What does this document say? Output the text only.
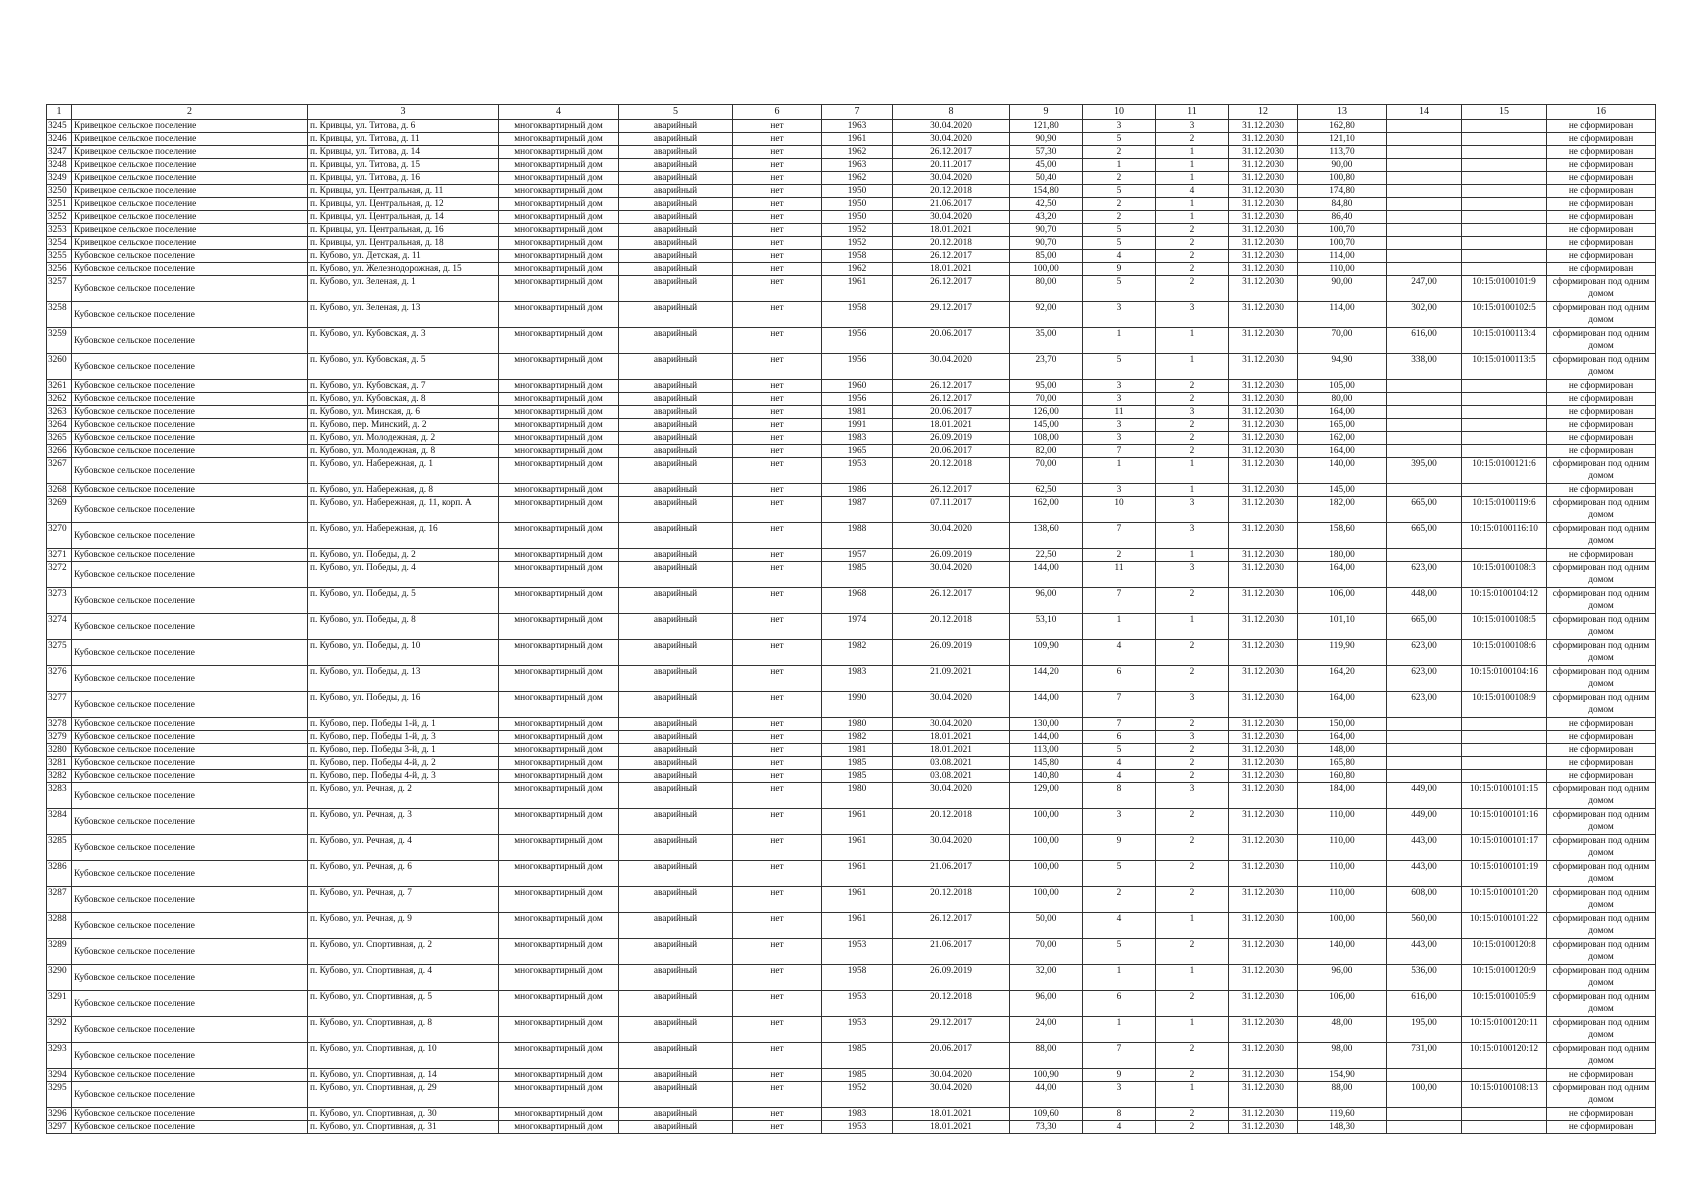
1	2	3	4	5	6	7	8	9	10	11	12	13	14	15	16
3245	Кривецкое сельское поселение	п. Кривцы, ул. Титова, д. 6	многоквартирный дом	аварийный	нет	1963	30.04.2020	121,80	3	3	31.12.2030	162,80			не сформирован
3246	Кривецкое сельское поселение	п. Кривцы, ул. Титова, д. 11	многоквартирный дом	аварийный	нет	1961	30.04.2020	90,90	5	2	31.12.2030	121,10			не сформирован
3247	Кривецкое сельское поселение	п. Кривцы, ул. Титова, д. 14	многоквартирный дом	аварийный	нет	1962	26.12.2017	57,30	2	1	31.12.2030	113,70			не сформирован
3248	Кривецкое сельское поселение	п. Кривцы, ул. Титова, д. 15	многоквартирный дом	аварийный	нет	1963	20.11.2017	45,00	1	1	31.12.2030	90,00			не сформирован
3249	Кривецкое сельское поселение	п. Кривцы, ул. Титова, д. 16	многоквартирный дом	аварийный	нет	1962	30.04.2020	50,40	2	1	31.12.2030	100,80			не сформирован
3250	Кривецкое сельское поселение	п. Кривцы, ул. Центральная, д. 11	многоквартирный дом	аварийный	нет	1950	20.12.2018	154,80	5	4	31.12.2030	174,80			не сформирован
3251	Кривецкое сельское поселение	п. Кривцы, ул. Центральная, д. 12	многоквартирный дом	аварийный	нет	1950	21.06.2017	42,50	2	1	31.12.2030	84,80			не сформирован
3252	Кривецкое сельское поселение	п. Кривцы, ул. Центральная, д. 14	многоквартирный дом	аварийный	нет	1950	30.04.2020	43,20	2	1	31.12.2030	86,40			не сформирован
3253	Кривецкое сельское поселение	п. Кривцы, ул. Центральная, д. 16	многоквартирный дом	аварийный	нет	1952	18.01.2021	90,70	5	2	31.12.2030	100,70			не сформирован
3254	Кривецкое сельское поселение	п. Кривцы, ул. Центральная, д. 18	многоквартирный дом	аварийный	нет	1952	20.12.2018	90,70	5	2	31.12.2030	100,70			не сформирован
3255	Кубовское сельское поселение	п. Кубово, ул. Детская, д. 11	многоквартирный дом	аварийный	нет	1958	26.12.2017	85,00	4	2	31.12.2030	114,00			не сформирован
3256	Кубовское сельское поселение	п. Кубово, ул. Железнодорожная, д. 15	многоквартирный дом	аварийный	нет	1962	18.01.2021	100,00	9	2	31.12.2030	110,00			не сформирован
3257	Кубовское сельское поселение	п. Кубово, ул. Зеленая, д. 1	многоквартирный дом	аварийный	нет	1961	26.12.2017	80,00	5	2	31.12.2030	90,00	247,00	10:15:0100101:9	сформирован под одним домом
3258	Кубовское сельское поселение	п. Кубово, ул. Зеленая, д. 13	многоквартирный дом	аварийный	нет	1958	29.12.2017	92,00	3	3	31.12.2030	114,00	302,00	10:15:0100102:5	сформирован под одним домом
3259	Кубовское сельское поселение	п. Кубово, ул. Кубовская, д. 3	многоквартирный дом	аварийный	нет	1956	20.06.2017	35,00	1	1	31.12.2030	70,00	616,00	10:15:0100113:4	сформирован под одним домом
3260	Кубовское сельское поселение	п. Кубово, ул. Кубовская, д. 5	многоквартирный дом	аварийный	нет	1956	30.04.2020	23,70	5	1	31.12.2030	94,90	338,00	10:15:0100113:5	сформирован под одним домом
3261	Кубовское сельское поселение	п. Кубово, ул. Кубовская, д. 7	многоквартирный дом	аварийный	нет	1960	26.12.2017	95,00	3	2	31.12.2030	105,00			не сформирован
3262	Кубовское сельское поселение	п. Кубово, ул. Кубовская, д. 8	многоквартирный дом	аварийный	нет	1956	26.12.2017	70,00	3	2	31.12.2030	80,00			не сформирован
3263	Кубовское сельское поселение	п. Кубово, ул. Минская, д. 6	многоквартирный дом	аварийный	нет	1981	20.06.2017	126,00	11	3	31.12.2030	164,00			не сформирован
3264	Кубовское сельское поселение	п. Кубово, пер. Минский, д. 2	многоквартирный дом	аварийный	нет	1991	18.01.2021	145,00	3	2	31.12.2030	165,00			не сформирован
3265	Кубовское сельское поселение	п. Кубово, ул. Молодежная, д. 2	многоквартирный дом	аварийный	нет	1983	26.09.2019	108,00	3	2	31.12.2030	162,00			не сформирован
3266	Кубовское сельское поселение	п. Кубово, ул. Молодежная, д. 8	многоквартирный дом	аварийный	нет	1965	20.06.2017	82,00	7	2	31.12.2030	164,00			не сформирован
3267	Кубовское сельское поселение	п. Кубово, ул. Набережная, д. 1	многоквартирный дом	аварийный	нет	1953	20.12.2018	70,00	1	1	31.12.2030	140,00	395,00	10:15:0100121:6	сформирован под одним домом
3268	Кубовское сельское поселение	п. Кубово, ул. Набережная, д. 8	многоквартирный дом	аварийный	нет	1986	26.12.2017	62,50	3	1	31.12.2030	145,00			не сформирован
3269	Кубовское сельское поселение	п. Кубово, ул. Набережная, д. 11, корп. А	многоквартирный дом	аварийный	нет	1987	07.11.2017	162,00	10	3	31.12.2030	182,00	665,00	10:15:0100119:6	сформирован под одним домом
3270	Кубовское сельское поселение	п. Кубово, ул. Набережная, д. 16	многоквартирный дом	аварийный	нет	1988	30.04.2020	138,60	7	3	31.12.2030	158,60	665,00	10:15:0100116:10	сформирован под одним домом
3271	Кубовское сельское поселение	п. Кубово, ул. Победы, д. 2	многоквартирный дом	аварийный	нет	1957	26.09.2019	22,50	2	1	31.12.2030	180,00			не сформирован
3272	Кубовское сельское поселение	п. Кубово, ул. Победы, д. 4	многоквартирный дом	аварийный	нет	1985	30.04.2020	144,00	11	3	31.12.2030	164,00	623,00	10:15:0100108:3	сформирован под одним домом
3273	Кубовское сельское поселение	п. Кубово, ул. Победы, д. 5	многоквартирный дом	аварийный	нет	1968	26.12.2017	96,00	7	2	31.12.2030	106,00	448,00	10:15:0100104:12	сформирован под одним домом
3274	Кубовское сельское поселение	п. Кубово, ул. Победы, д. 8	многоквартирный дом	аварийный	нет	1974	20.12.2018	53,10	1	1	31.12.2030	101,10	665,00	10:15:0100108:5	сформирован под одним домом
3275	Кубовское сельское поселение	п. Кубово, ул. Победы, д. 10	многоквартирный дом	аварийный	нет	1982	26.09.2019	109,90	4	2	31.12.2030	119,90	623,00	10:15:0100108:6	сформирован под одним домом
3276	Кубовское сельское поселение	п. Кубово, ул. Победы, д. 13	многоквартирный дом	аварийный	нет	1983	21.09.2021	144,20	6	2	31.12.2030	164,20	623,00	10:15:0100104:16	сформирован под одним домом
3277	Кубовское сельское поселение	п. Кубово, ул. Победы, д. 16	многоквартирный дом	аварийный	нет	1990	30.04.2020	144,00	7	3	31.12.2030	164,00	623,00	10:15:0100108:9	сформирован под одним домом
3278	Кубовское сельское поселение	п. Кубово, пер. Победы 1-й, д. 1	многоквартирный дом	аварийный	нет	1980	30.04.2020	130,00	7	2	31.12.2030	150,00			не сформирован
3279	Кубовское сельское поселение	п. Кубово, пер. Победы 1-й, д. 3	многоквартирный дом	аварийный	нет	1982	18.01.2021	144,00	6	3	31.12.2030	164,00			не сформирован
3280	Кубовское сельское поселение	п. Кубово, пер. Победы 3-й, д. 1	многоквартирный дом	аварийный	нет	1981	18.01.2021	113,00	5	2	31.12.2030	148,00			не сформирован
3281	Кубовское сельское поселение	п. Кубово, пер. Победы 4-й, д. 2	многоквартирный дом	аварийный	нет	1985	03.08.2021	145,80	4	2	31.12.2030	165,80			не сформирован
3282	Кубовское сельское поселение	п. Кубово, пер. Победы 4-й, д. 3	многоквартирный дом	аварийный	нет	1985	03.08.2021	140,80	4	2	31.12.2030	160,80			не сформирован
3283	Кубовское сельское поселение	п. Кубово, ул. Речная, д. 2	многоквартирный дом	аварийный	нет	1980	30.04.2020	129,00	8	3	31.12.2030	184,00	449,00	10:15:0100101:15	сформирован под одним домом
3284	Кубовское сельское поселение	п. Кубово, ул. Речная, д. 3	многоквартирный дом	аварийный	нет	1961	20.12.2018	100,00	3	2	31.12.2030	110,00	449,00	10:15:0100101:16	сформирован под одним домом
3285	Кубовское сельское поселение	п. Кубово, ул. Речная, д. 4	многоквартирный дом	аварийный	нет	1961	30.04.2020	100,00	9	2	31.12.2030	110,00	443,00	10:15:0100101:17	сформирован под одним домом
3286	Кубовское сельское поселение	п. Кубово, ул. Речная, д. 6	многоквартирный дом	аварийный	нет	1961	21.06.2017	100,00	5	2	31.12.2030	110,00	443,00	10:15:0100101:19	сформирован под одним домом
3287	Кубовское сельское поселение	п. Кубово, ул. Речная, д. 7	многоквартирный дом	аварийный	нет	1961	20.12.2018	100,00	2	2	31.12.2030	110,00	608,00	10:15:0100101:20	сформирован под одним домом
3288	Кубовское сельское поселение	п. Кубово, ул. Речная, д. 9	многоквартирный дом	аварийный	нет	1961	26.12.2017	50,00	4	1	31.12.2030	100,00	560,00	10:15:0100101:22	сформирован под одним домом
3289	Кубовское сельское поселение	п. Кубово, ул. Спортивная, д. 2	многоквартирный дом	аварийный	нет	1953	21.06.2017	70,00	5	2	31.12.2030	140,00	443,00	10:15:0100120:8	сформирован под одним домом
3290	Кубовское сельское поселение	п. Кубово, ул. Спортивная, д. 4	многоквартирный дом	аварийный	нет	1958	26.09.2019	32,00	1	1	31.12.2030	96,00	536,00	10:15:0100120:9	сформирован под одним домом
3291	Кубовское сельское поселение	п. Кубово, ул. Спортивная, д. 5	многоквартирный дом	аварийный	нет	1953	20.12.2018	96,00	6	2	31.12.2030	106,00	616,00	10:15:0100105:9	сформирован под одним домом
3292	Кубовское сельское поселение	п. Кубово, ул. Спортивная, д. 8	многоквартирный дом	аварийный	нет	1953	29.12.2017	24,00	1	1	31.12.2030	48,00	195,00	10:15:0100120:11	сформирован под одним домом
3293	Кубовское сельское поселение	п. Кубово, ул. Спортивная, д. 10	многоквартирный дом	аварийный	нет	1985	20.06.2017	88,00	7	2	31.12.2030	98,00	731,00	10:15:0100120:12	сформирован под одним домом
3294	Кубовское сельское поселение	п. Кубово, ул. Спортивная, д. 14	многоквартирный дом	аварийный	нет	1985	30.04.2020	100,90	9	2	31.12.2030	154,90			не сформирован
3295	Кубовское сельское поселение	п. Кубово, ул. Спортивная, д. 29	многоквартирный дом	аварийный	нет	1952	30.04.2020	44,00	3	1	31.12.2030	88,00	100,00	10:15:0100108:13	сформирован под одним домом
3296	Кубовское сельское поселение	п. Кубово, ул. Спортивная, д. 30	многоквартирный дом	аварийный	нет	1983	18.01.2021	109,60	8	2	31.12.2030	119,60			не сформирован
3297	Кубовское сельское поселение	п. Кубово, ул. Спортивная, д. 31	многоквартирный дом	аварийный	нет	1953	18.01.2021	73,30	4	2	31.12.2030	148,30			не сформирован
